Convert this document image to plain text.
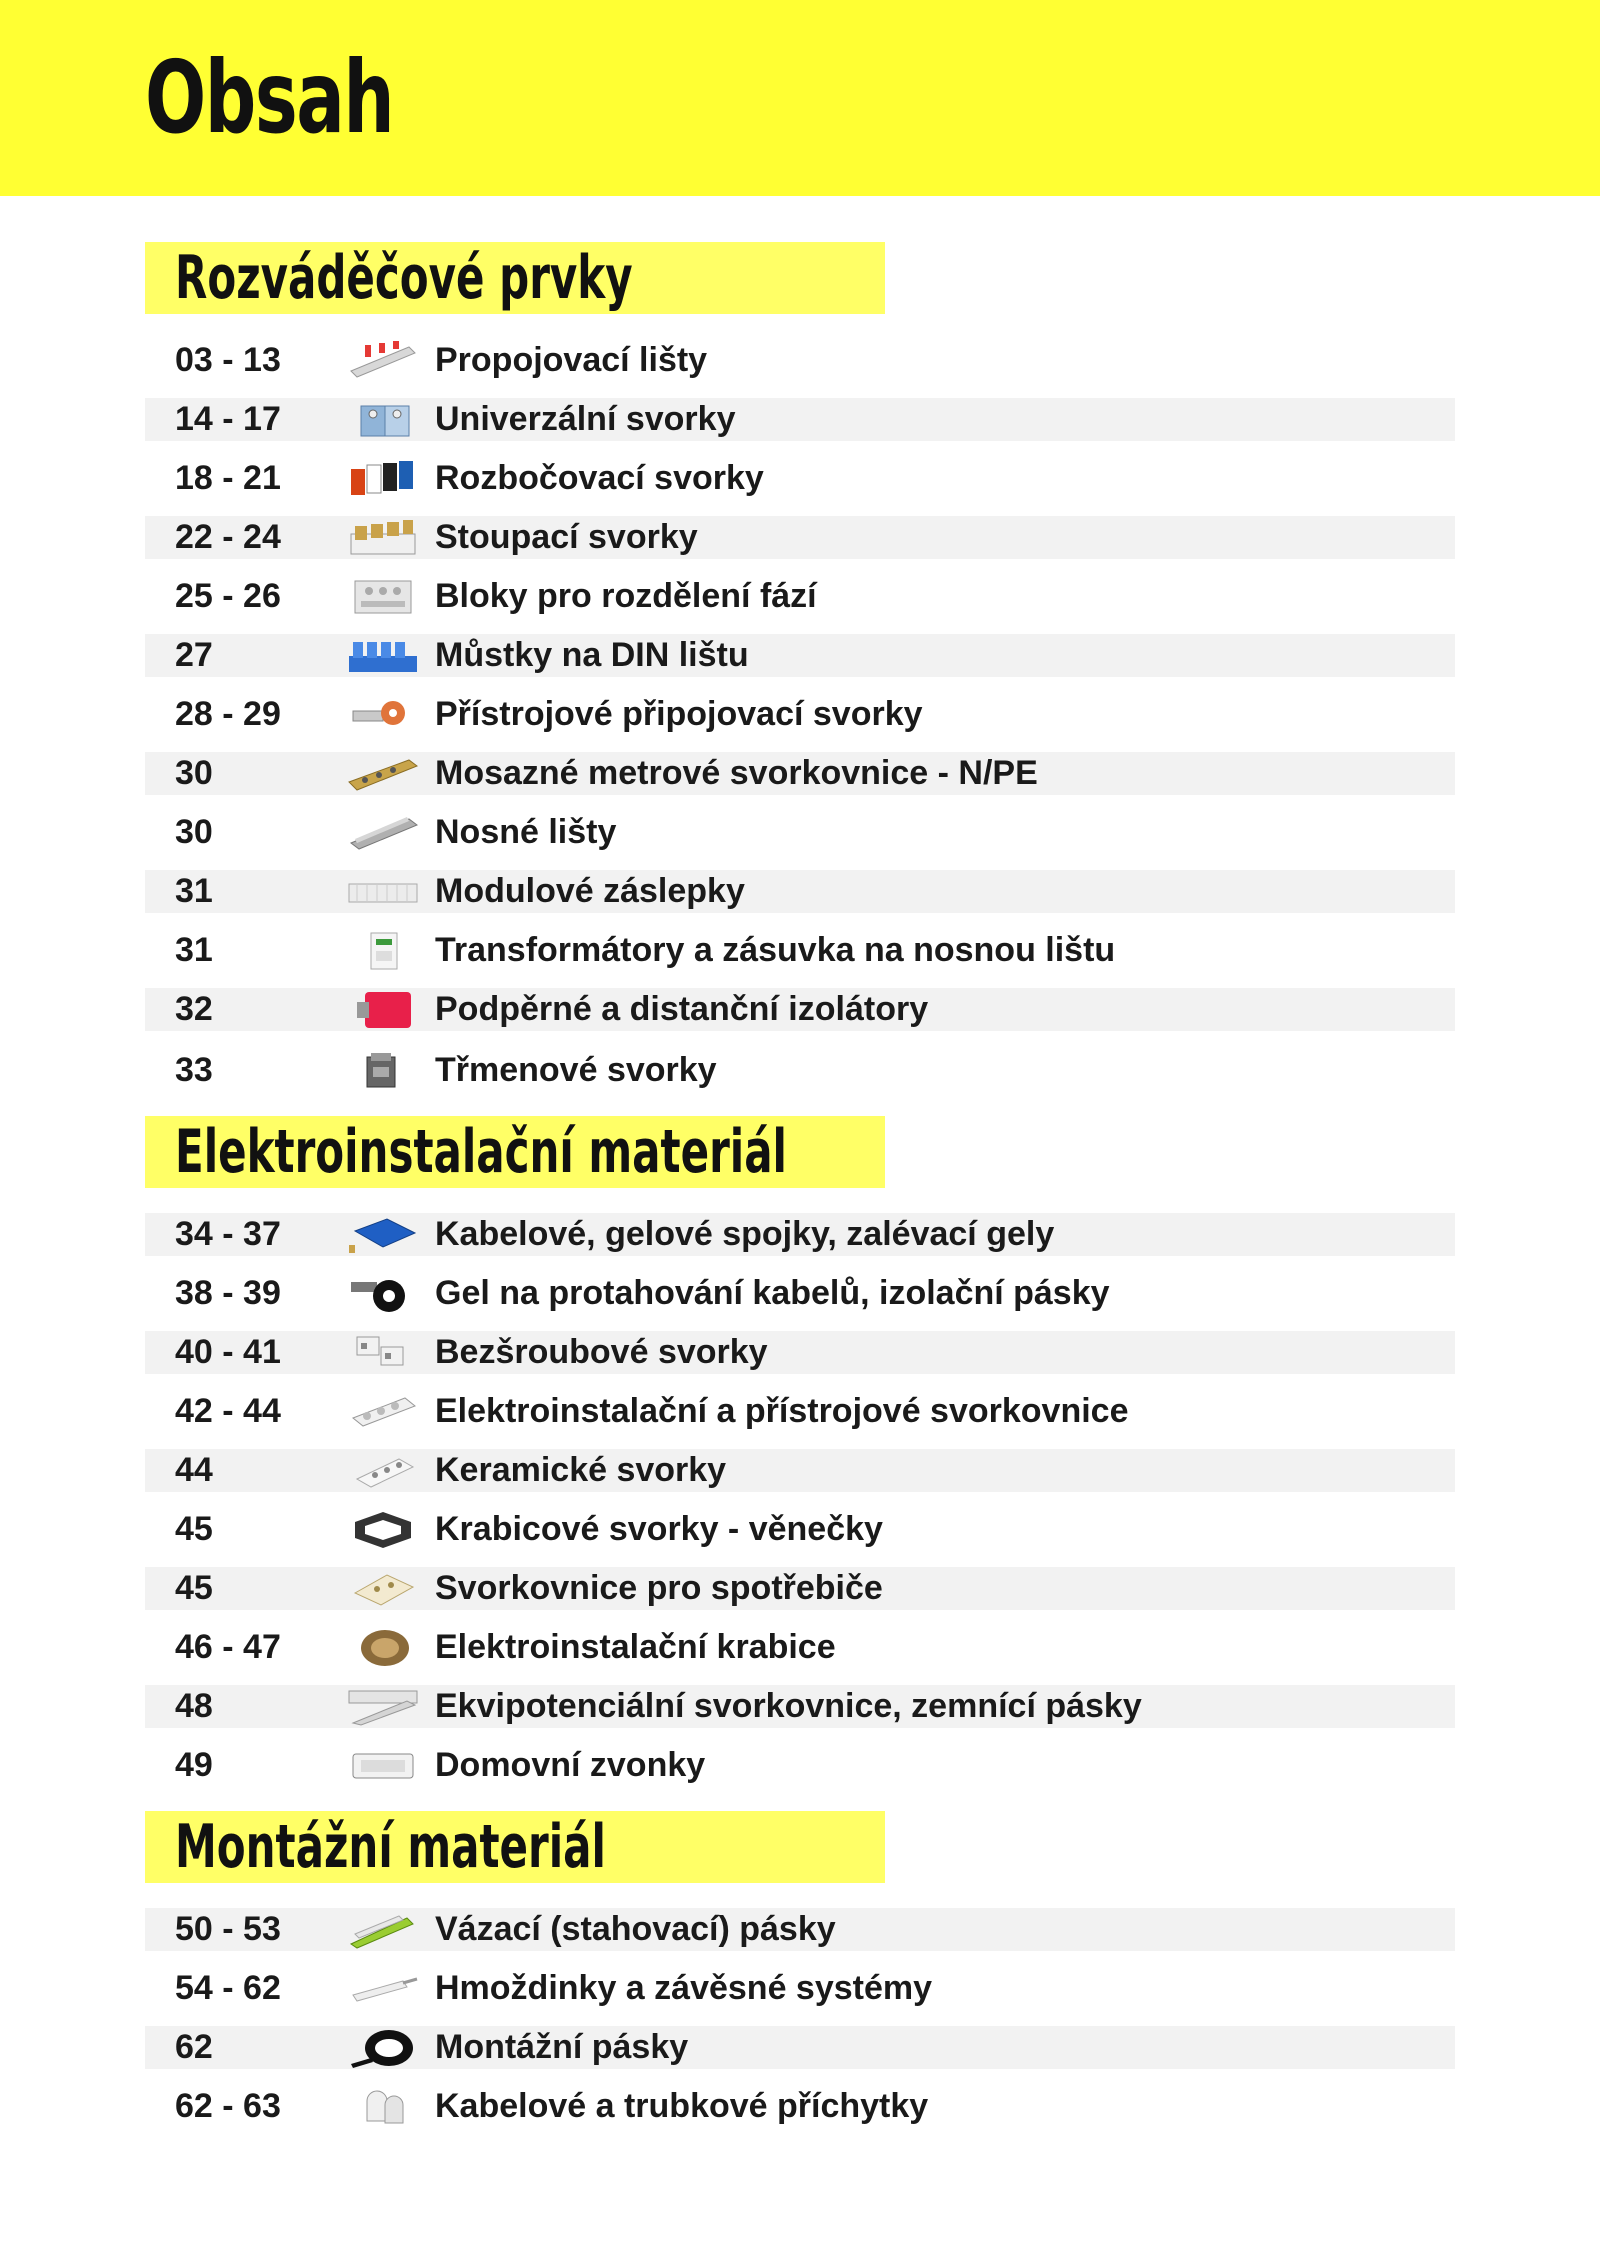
Obsah
Rozváděčové prvky
03 - 13	Propojovací lišty
14 - 17	Univerzální svorky
18 - 21	Rozbočovací svorky
22 - 24	Stoupací svorky
25 - 26	Bloky pro rozdělení fází
27	Můstky na DIN lištu
28 - 29	Přístrojové připojovací svorky
30	Mosazné metrové svorkovnice - N/PE
30	Nosné lišty
31	Modulové záslepky
31	Transformátory a zásuvka na nosnou lištu
32	Podpěrné a distanční izolátory
33	Třmenové svorky
Elektroinstalační materiál
34 - 37	Kabelové, gelové spojky, zalévací gely
38 - 39	Gel na protahování kabelů, izolační pásky
40 - 41	Bezšroubové svorky
42 - 44	Elektroinstalační a přístrojové svorkovnice
44	Keramické svorky
45	Krabicové svorky - věnečky
45	Svorkovnice pro spotřebiče
46 - 47	Elektroinstalační krabice
48	Ekvipotenciální svorkovnice, zemnící pásky
49	Domovní zvonky
Montážní materiál
50 - 53	Vázací (stahovací) pásky
54 - 62	Hmoždinky a závěsné systémy
62	Montážní pásky
62 - 63	Kabelové a trubkové příchytky
